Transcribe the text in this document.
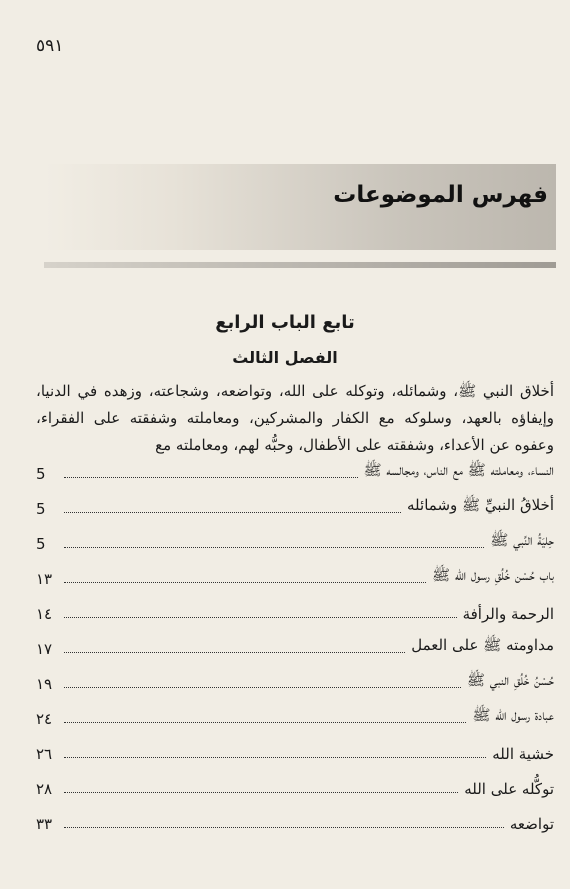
٥٩١
فهرس الموضوعات
تابع الباب الرابع
الفصل الثالث
أخلاق النبي ﷺ، وشمائله، وتوكله على الله، وتواضعه، وشجاعته، وزهده في الدنيا، وإيفاؤه بالعهد، وسلوكه مع الكفار والمشركين، ومعاملته وشفقته على الفقراء، وعفوه عن الأعداء، وشفقته على الأطفال، وحبُّه لهم، ومعاملته مع
النساء، ومعاملته ﷺ مع الناس، ومجالسه ﷺ
5
أخلاقُ النبيِّ ﷺ وشمائله
5
حِليَةُ النَّبي ﷺ
5
باب حُسْن خُلُقِ رسول الله ﷺ
١٣
الرحمة والرأفة
١٤
مداومته ﷺ على العمل
١٧
حُسْنُ خُلُقِ النبي ﷺ
١٩
عبادة رسول الله ﷺ
٢٤
خشية الله
٢٦
توكُّله على الله
٢٨
تواضعه
٣٣
